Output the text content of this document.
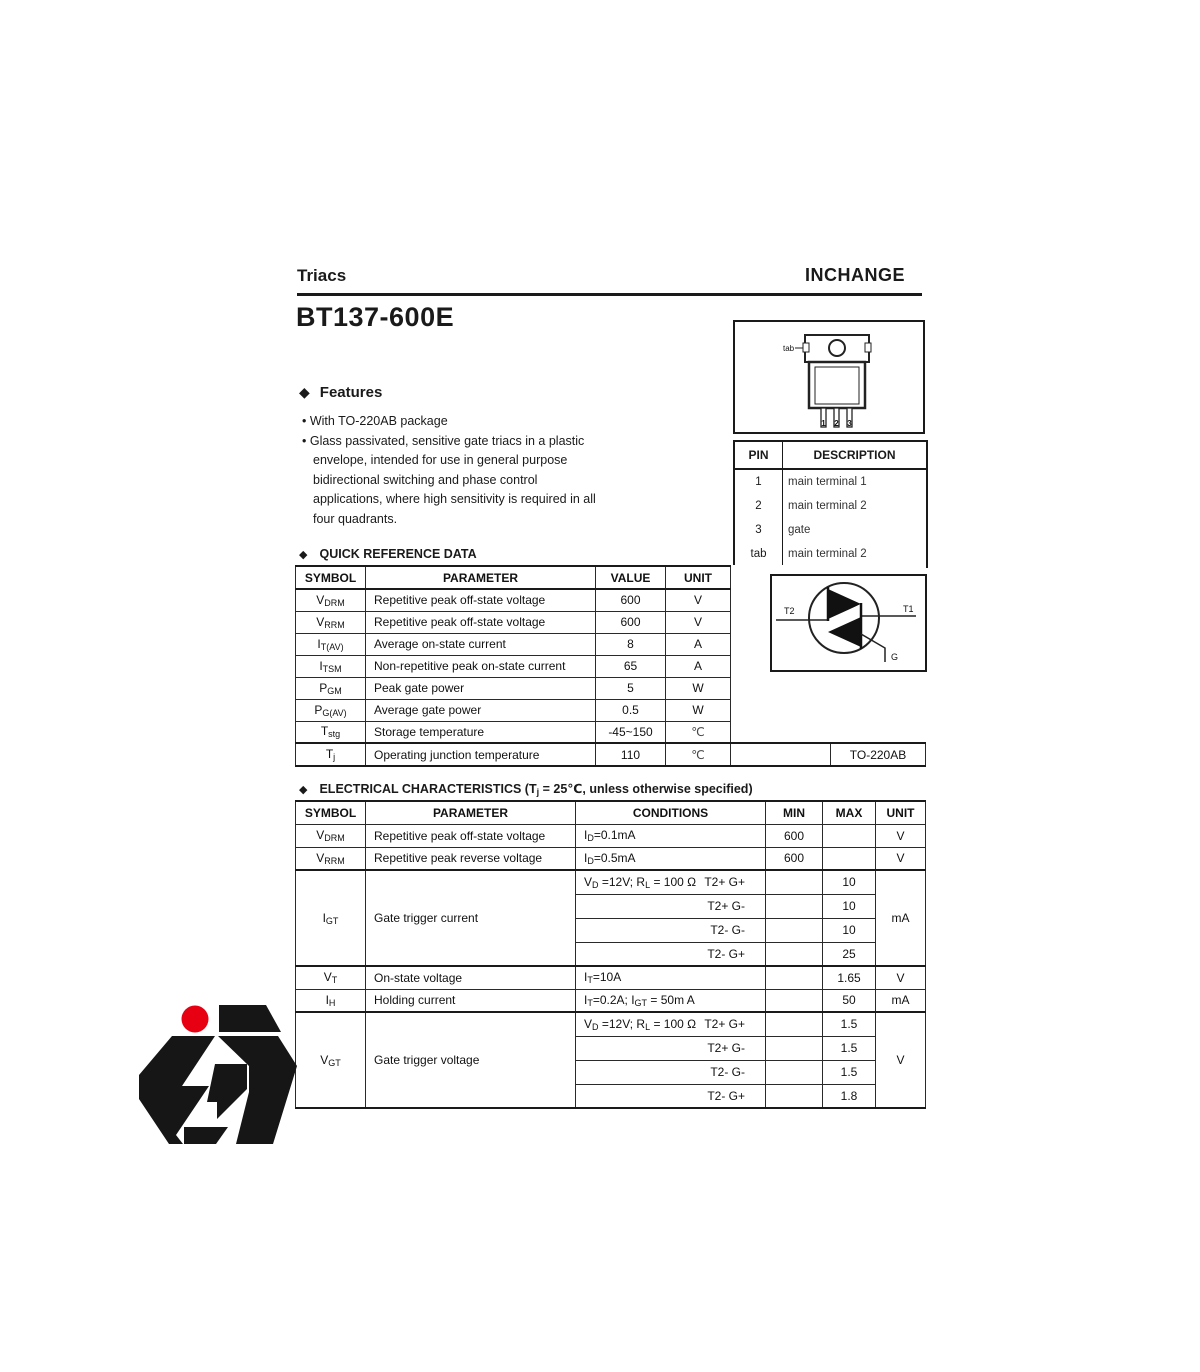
Triacs	INCHANGE
BT137-600E
tab
1 2 3
PIN	DESCRIPTION
1	main terminal 1
2	main terminal 2
3	gate
tab	main terminal 2
◆ Features
• With TO-220AB package
• Glass passivated, sensitive gate triacs in a plastic envelope, intended for use in general purpose bidirectional switching and phase control applications, where high sensitivity is required in all four quadrants.
◆ QUICK REFERENCE DATA
SYMBOL	PARAMETER	VALUE	UNIT		
$V_{DRM}$	Repetitive peak off-state voltage	600	V		
$V_{RRM}$	Repetitive peak off-state voltage	600	V		
$I_{T(AV)}$	Average on-state current	8	A		
$I_{TSM}$	Non-repetitive peak on-state current	65	A		
$P_{GM}$	Peak gate power	5	W		
$P_{G(AV)}$	Average gate power	0.5	W		
$T_{stg}$	Storage temperature	-45~150	℃		
$T_j$	Operating junction temperature	110	℃		TO-220AB
T2	T1
G
◆ ELECTRICAL CHARACTERISTICS ($T_j$ = 25℃, unless otherwise specified)
SYMBOL	PARAMETER	CONDITIONS	MIN	MAX	UNIT
$V_{DRM}$	Repetitive peak off-state voltage	$I_D=0.1mA$	600		V
$V_{RRM}$	Repetitive peak reverse voltage	$I_D=0.5mA$	600		V
$I_{GT}$	Gate trigger current	$V_D =12V$; $R_L = 100$ Ω T2+ G+		10	mA

		T2+ G-		10	

		T2- G-		10	

		T2- G+		25	
$V_T$	On-state voltage	$I_T=10A$		1.65	V
$I_H$	Holding current	$I_T=0.2A$; $I_{GT} = 50m$ A		50	mA
$V_{GT}$	Gate trigger voltage	$V_D =12V$; $R_L = 100$ Ω T2+ G+		1.5	V

		T2+ G-		1.5	

		T2- G-		1.5	

		T2- G+		1.8	
